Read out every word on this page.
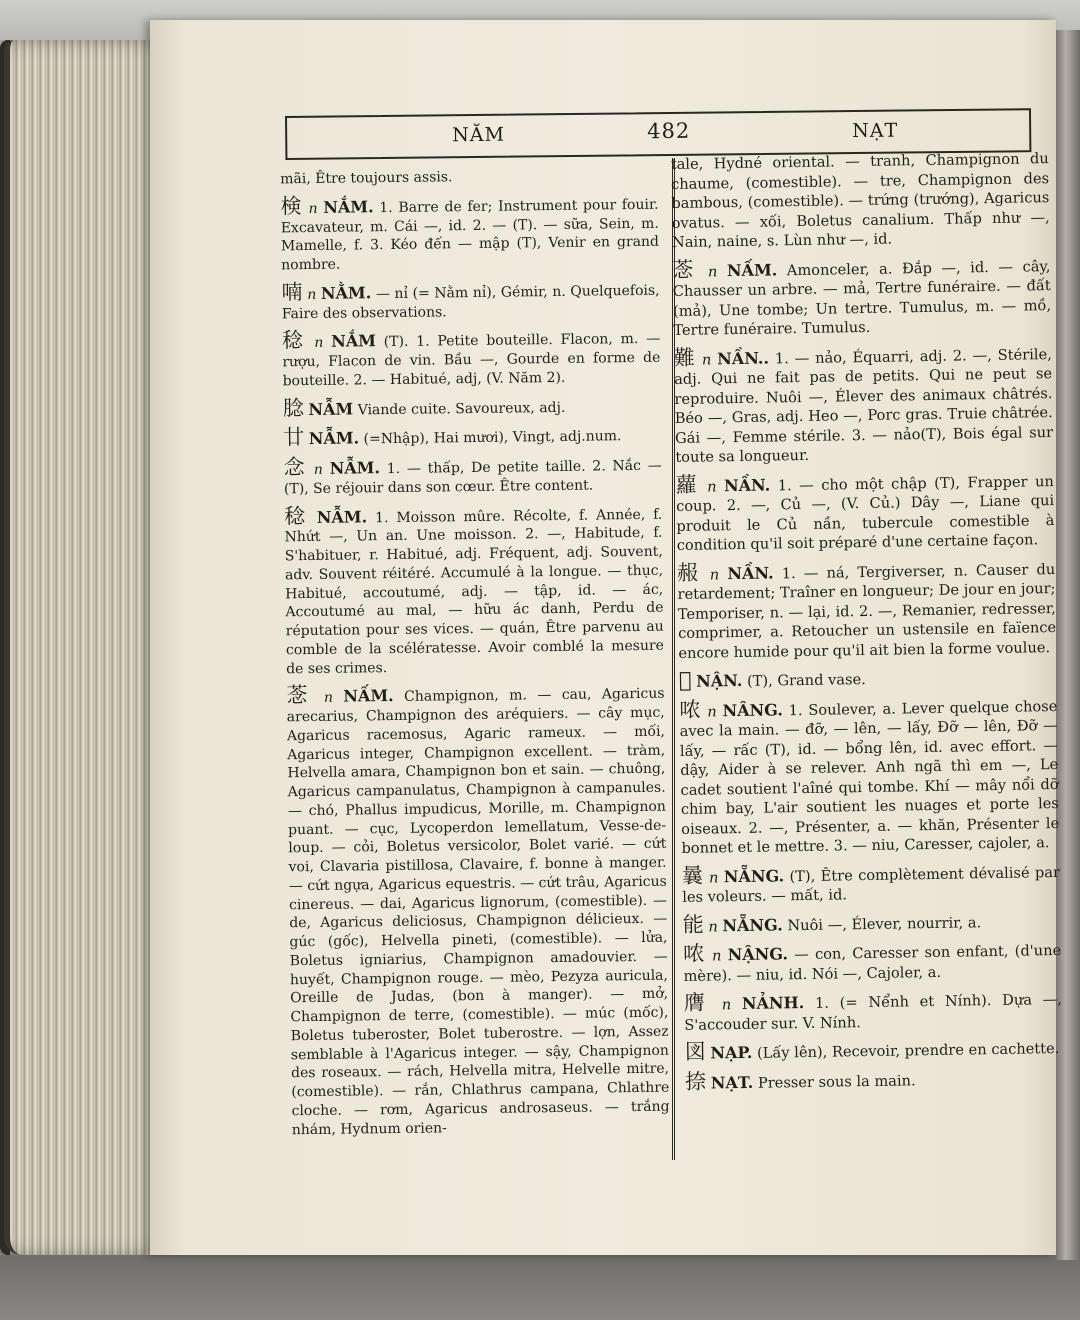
NĂM	482	NẠT

mãi, Être toujours assis.

検 n NẮM. 1. Barre de fer; Instrument pour fouir. Excavateur, m. Cái —, id. 2. — (T). — sữa, Sein, m. Mamelle, f. 3. Kéo đến — mập (T), Venir en grand nombre.

喃 n NẰM. — nỉ (= Nằm nỉ), Gémir, n. Quelquefois, Faire des observations.

稔 n NẮM (T). 1. Petite bouteille. Flacon, m. — rượu, Flacon de vin. Bầu —, Gourde en forme de bouteille. 2. — Habitué, adj, (V. Năm 2).

腍 NẪM Viande cuite. Savoureux, adj.

廿 NẪM. (=Nhập), Hai mươi), Vingt, adj.num.

念 n NẪM. 1. — thấp, De petite taille. 2. Nắc — (T), Se réjouir dans son cœur. Être content.

稔 NẪM. 1. Moisson mûre. Récolte, f. Année, f. Nhứt —, Un an. Une moisson. 2. —, Habitude, f. S'habituer, r. Habitué, adj. Fréquent, adj. Souvent, adv. Souvent réitéré. Accumulé à la longue. — thục, Habitué, accoutumé, adj. — tập, id. — ác, Accoutumé au mal, — hữu ác danh, Perdu de réputation pour ses vices. — quán, Être parvenu au comble de la scélératesse. Avoir comblé la mesure de ses crimes.

菍 n NẤM. Champignon, m. — cau, Agaricus arecarius, Champignon des aréquiers. — cây mục, Agaricus racemosus, Agaric rameux. — mối, Agaricus integer, Champignon excellent. — tràm, Helvella amara, Champignon bon et sain. — chuông, Agaricus campanulatus, Champignon à campanules. — chó, Phallus impudicus, Morille, m. Champignon puant. — cục, Lycoperdon lemellatum, Vesse-de-loup. — cỏi, Boletus versicolor, Bolet varié. — cứt voi, Clavaria pistillosa, Clavaire, f. bonne à manger. — cứt ngựa, Agaricus equestris. — cứt trâu, Agaricus cinereus. — dai, Agaricus lignorum, (comestible). — de, Agaricus deliciosus, Champignon délicieux. — gúc (gốc), Helvella pineti, (comestible). — lửa, Boletus igniarius, Champignon amadouvier. — huyết, Champignon rouge. — mèo, Pezyza auricula, Oreille de Judas, (bon à manger). — mở, Champignon de terre, (comestible). — múc (mốc), Boletus tuberoster, Bolet tuberostre. — lợn, Assez semblable à l'Agaricus integer. — sậy, Champignon des roseaux. — rách, Helvella mitra, Helvelle mitre, (comestible). — rắn, Chlathrus campana, Chlathre cloche. — rơm, Agaricus androsaseus. — trắng nhám, Hydnum orien-

tale, Hydné oriental. — tranh, Champignon du chaume, (comestible). — tre, Champignon des bambous, (comestible). — trứng (trướng), Agaricus ovatus. — xối, Boletus canalium. Thấp như —, Nain, naine, s. Lùn như —, id.

菍 n NẤM. Amonceler, a. Đắp —, id. — cây, Chausser un arbre. — mả, Tertre funéraire. — đất (mả), Une tombe; Un tertre. Tumulus, m. — mồ, Tertre funéraire. Tumulus.

難 n NẦN.. 1. — nảo, Équarri, adj. 2. —, Stérile, adj. Qui ne fait pas de petits. Qui ne peut se reproduire. Nuôi —, Élever des animaux châtrés. Béo —, Gras, adj. Heo —, Porc gras. Truie châtrée. Gái —, Femme stérile. 3. — nảo(T), Bois égal sur toute sa longueur.

蘿 n NẦN. 1. — cho một chập (T), Frapper un coup. 2. —, Củ —, (V. Củ.) Dây —, Liane qui produit le Củ nần, tubercule comestible à condition qu'il soit préparé d'une certaine façon.

赧 n NẦN. 1. — ná, Tergiverser, n. Causer du retardement; Traîner en longueur; De jour en jour; Temporiser, n. — lại, id. 2. —, Remanier, redresser, comprimer, a. Retoucher un ustensile en faïence encore humide pour qu'il ait bien la forme voulue.

𤭸 NẬN. (T), Grand vase.

哝 n NÂNG. 1. Soulever, a. Lever quelque chose avec la main. — đỡ, — lên, — lấy, Đỡ — lên, Đỡ — lấy, — rấc (T), id. — bổng lên, id. avec effort. — dậy, Aider à se relever. Anh ngã thì em —, Le cadet soutient l'aîné qui tombe. Khí — mây nổi dỡ chim bay, L'air soutient les nuages et porte les oiseaux. 2. —, Présenter, a. — khăn, Présenter le bonnet et le mettre. 3. — niu, Caresser, cajoler, a.

曩 n NẴNG. (T), Être complètement dévalisé par les voleurs. — mất, id.

能 n NẴNG. Nuôi —, Élever, nourrir, a.

哝 n NẬNG. — con, Caresser son enfant, (d'une mère). — niu, id. Nói —, Cajoler, a.

膺 n NẢNH. 1. (= Nểnh et Nính). Dựa —, S'accouder sur. V. Nính.

図 NẠP. (Lấy lên), Recevoir, prendre en cachette.

捺 NẠT. Presser sous la main.
